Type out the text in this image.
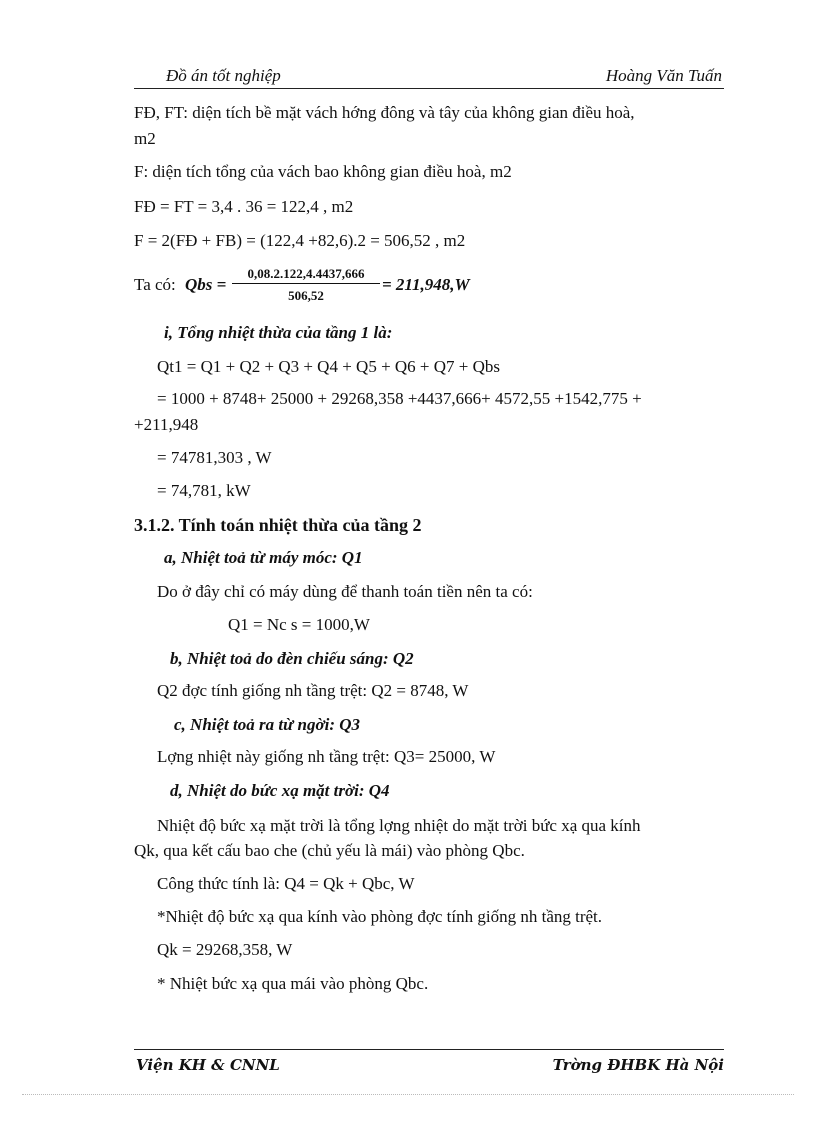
Đồ án tốt nghiệp	Hoàng Văn Tuấn
FĐ, FT: diện tích bề mặt vách hớng đông và tây của không gian điều hoà,
m2
F: diện tích tổng của vách bao không gian điều hoà, m2
FĐ = FT = 3,4 . 36 = 122,4 , m2
F = 2(FĐ + FB) = (122,4 +82,6).2 = 506,52 , m2
Ta có: Qbs = $\frac{0,08.2.122,4.4437,666}{506,52} = 211,948,W$
i, Tổng nhiệt thừa của tầng 1 là:
Qt1 = Q1 + Q2 + Q3 + Q4 + Q5 + Q6 + Q7 + Qbs
= 1000 + 8748+ 25000 + 29268,358 +4437,666+ 4572,55 +1542,775 +
+211,948
= 74781,303 , W
= 74,781, kW
3.1.2. Tính toán nhiệt thừa của tầng 2
a, Nhiệt toả từ máy móc: Q1
Do ở đây chỉ có máy dùng để thanh toán tiền nên ta có:
Q1 = Nc s = 1000,W
b, Nhiệt toả do đèn chiếu sáng: Q2
Q2 đợc tính giống nh tầng trệt: Q2 = 8748, W
c, Nhiệt toả ra từ ngời: Q3
Lợng nhiệt này giống nh tầng trệt: Q3= 25000, W
d, Nhiệt do bức xạ mặt trời: Q4
Nhiệt độ bức xạ mặt trời là tổng lợng nhiệt do mặt trời bức xạ qua kính
Qk, qua kết cấu bao che (chủ yếu là mái) vào phòng Qbc.
Công thức tính là: Q4 = Qk + Qbc, W
*Nhiệt độ bức xạ qua kính vào phòng đợc tính giống nh tầng trệt.
Qk = 29268,358, W
* Nhiệt bức xạ qua mái vào phòng Qbc.
Viện KH & CNNL	Trờng ĐHBK Hà Nội
